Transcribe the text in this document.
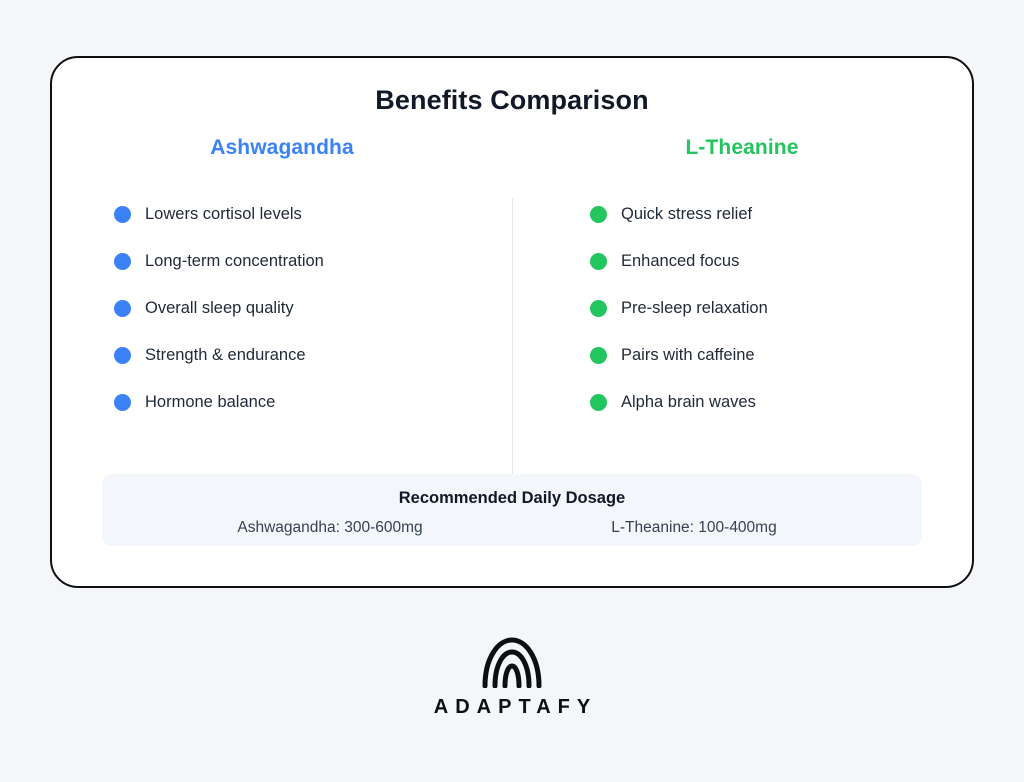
Benefits Comparison
Ashwagandha
Lowers cortisol levels
Long-term concentration
Overall sleep quality
Strength & endurance
Hormone balance
L-Theanine
Quick stress relief
Enhanced focus
Pre-sleep relaxation
Pairs with caffeine
Alpha brain waves

Recommended Daily Dosage

Ashwagandha: 300-600mg	L-Theanine: 100-400mg
ADAPTAFY
